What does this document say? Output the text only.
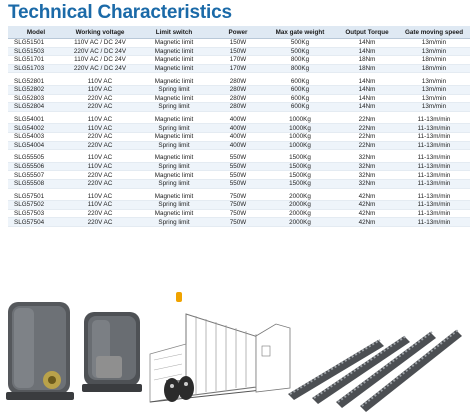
Technical Characteristics
Model	Working voltage	Limit switch	Power	Max gate weight	Output Torque	Gate moving speed
SLG51501	110V AC / DC 24V	Magnetic limit	150W	500Kg	14Nm	13m/min
SLG51503	220V AC / DC 24V	Magnetic limit	150W	500Kg	14Nm	13m/min
SLG51701	110V AC / DC 24V	Magnetic limit	170W	800Kg	18Nm	18m/min
SLG51703	220V AC / DC 24V	Magnetic limit	170W	800Kg	18Nm	18m/min

SLG52801	110V AC	Magnetic limit	280W	600Kg	14Nm	13m/min
SLG52802	110V AC	Spring limit	280W	600Kg	14Nm	13m/min
SLG52803	220V AC	Magnetic limit	280W	600Kg	14Nm	13m/min
SLG52804	220V AC	Spring limit	280W	600Kg	14Nm	13m/min

SLG54001	110V AC	Magnetic limit	400W	1000Kg	22Nm	11-13m/min
SLG54002	110V AC	Spring limit	400W	1000Kg	22Nm	11-13m/min
SLG54003	220V AC	Magnetic limit	400W	1000Kg	22Nm	11-13m/min
SLG54004	220V AC	Spring limit	400W	1000Kg	22Nm	11-13m/min

SLG55505	110V AC	Magnetic limit	550W	1500Kg	32Nm	11-13m/min
SLG55506	110V AC	Spring limit	550W	1500Kg	32Nm	11-13m/min
SLG55507	220V AC	Magnetic limit	550W	1500Kg	32Nm	11-13m/min
SLG55508	220V AC	Spring limit	550W	1500Kg	32Nm	11-13m/min

SLG57501	110V AC	Magnetic limit	750W	2000Kg	42Nm	11-13m/min
SLG57502	110V AC	Spring limit	750W	2000Kg	42Nm	11-13m/min
SLG57503	220V AC	Magnetic limit	750W	2000Kg	42Nm	11-13m/min
SLG57504	220V AC	Spring limit	750W	2000Kg	42Nm	11-13m/min
